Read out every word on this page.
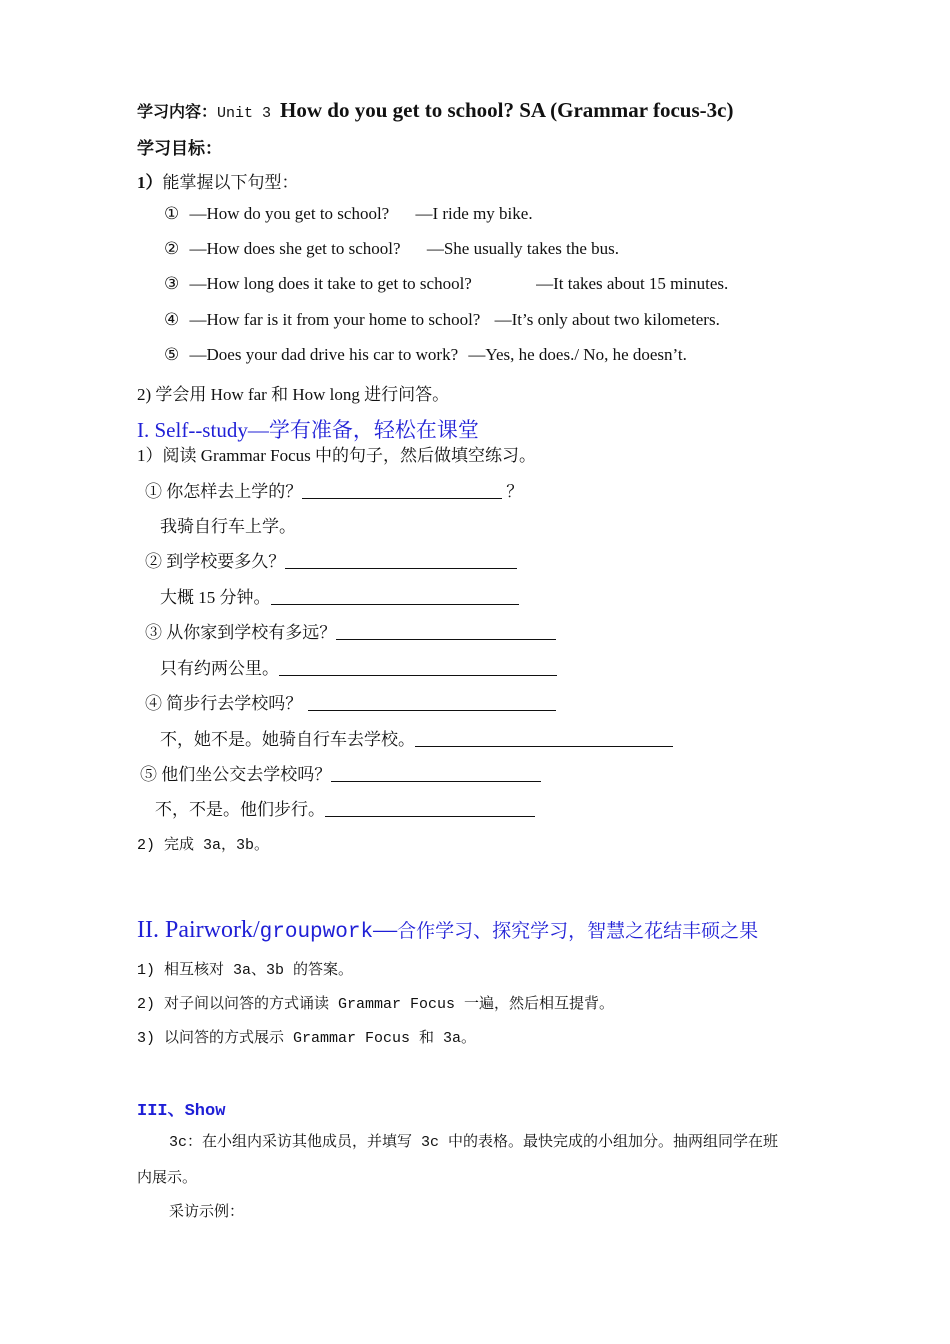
学习内容：Unit 3 How do you get to school? SA (Grammar focus-3c)
学习目标：
1）能掌握以下句型：
① —How do you get to school? —I ride my bike.
② —How does she get to school? —She usually takes the bus.
③ —How long does it take to get to school?	—It takes about 15 minutes.
④ —How far is it from your home to school? —It’s only about two kilometers.
⑤ —Does your dad drive his car to work? —Yes, he does./ No, he doesn’t.
2) 学会用 How far 和 How long 进行问答。
I. Self--study—学有准备，轻松在课堂
1）阅读 Grammar Focus 中的句子，然后做填空练习。
① 你怎样去上学的？	？
我骑自行车上学。
② 到学校要多久？
大概 15 分钟。
③ 从你家到学校有多远？
只有约两公里。
④ 简步行去学校吗？
不，她不是。她骑自行车去学校。
⑤ 他们坐公交去学校吗？
不，不是。他们步行。
2) 完成 3a，3b。
II. Pairwork/groupwork—合作学习、探究学习，智慧之花结丰硕之果
1) 相互核对 3a、3b 的答案。
2) 对子间以问答的方式诵读 Grammar Focus 一遍，然后相互提背。
3) 以问答的方式展示 Grammar Focus 和 3a。
III、Show
3c：在小组内采访其他成员，并填写 3c 中的表格。最快完成的小组加分。抽两组同学在班
内展示。
采访示例：
